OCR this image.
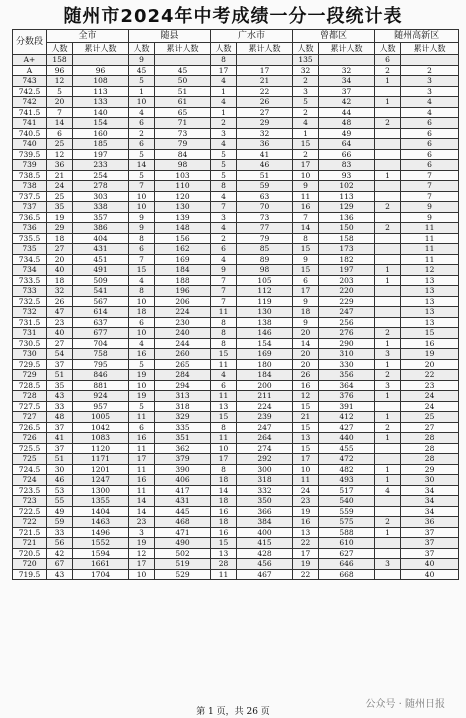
随州市2024年中考成绩一分一段统计表
分数段	全市		随县		广水市		曾都区		随州高新区	
	人数	累计人数	人数	累计人数	人数	累计人数	人数	累计人数	人数	累计人数
A+	158		9		8		135		6	
A	96	96	45	45	17	17	32	32	2	2
743	12	108	5	50	4	21	2	34	1	3
742.5	5	113	1	51	1	22	3	37		3
742	20	133	10	61	4	26	5	42	1	4
741.5	7	140	4	65	1	27	2	44		4
741	14	154	6	71	2	29	4	48	2	6
740.5	6	160	2	73	3	32	1	49		6
740	25	185	6	79	4	36	15	64		6
739.5	12	197	5	84	5	41	2	66		6
739	36	233	14	98	5	46	17	83		6
738.5	21	254	5	103	5	51	10	93	1	7
738	24	278	7	110	8	59	9	102		7
737.5	25	303	10	120	4	63	11	113		7
737	35	338	10	130	7	70	16	129	2	9
736.5	19	357	9	139	3	73	7	136		9
736	29	386	9	148	4	77	14	150	2	11
735.5	18	404	8	156	2	79	8	158		11
735	27	431	6	162	6	85	15	173		11
734.5	20	451	7	169	4	89	9	182		11
734	40	491	15	184	9	98	15	197	1	12
733.5	18	509	4	188	7	105	6	203	1	13
733	32	541	8	196	7	112	17	220		13
732.5	26	567	10	206	7	119	9	229		13
732	47	614	18	224	11	130	18	247		13
731.5	23	637	6	230	8	138	9	256		13
731	40	677	10	240	8	146	20	276	2	15
730.5	27	704	4	244	8	154	14	290	1	16
730	54	758	16	260	15	169	20	310	3	19
729.5	37	795	5	265	11	180	20	330	1	20
729	51	846	19	284	4	184	26	356	2	22
728.5	35	881	10	294	6	200	16	364	3	23
728	43	924	19	313	11	211	12	376	1	24
727.5	33	957	5	318	13	224	15	391		24
727	48	1005	11	329	15	239	21	412	1	25
726.5	37	1042	6	335	8	247	15	427	2	27
726	41	1083	16	351	11	264	13	440	1	28
725.5	37	1120	11	362	10	274	15	455		28
725	51	1171	17	379	17	292	17	472		28
724.5	30	1201	11	390	8	300	10	482	1	29
724	46	1247	16	406	18	318	11	493	1	30
723.5	53	1300	11	417	14	332	24	517	4	34
723	55	1355	14	431	18	350	23	540		34
722.5	49	1404	14	445	16	366	19	559		34
722	59	1463	23	468	18	384	16	575	2	36
721.5	33	1496	3	471	16	400	13	588	1	37
721	56	1552	19	490	15	415	22	610		37
720.5	42	1594	12	502	13	428	17	627		37
720	67	1661	17	519	28	456	19	646	3	40
719.5	43	1704	10	529	11	467	22	668		40
第 1 页，共 26 页
公众号 · 随州日报
